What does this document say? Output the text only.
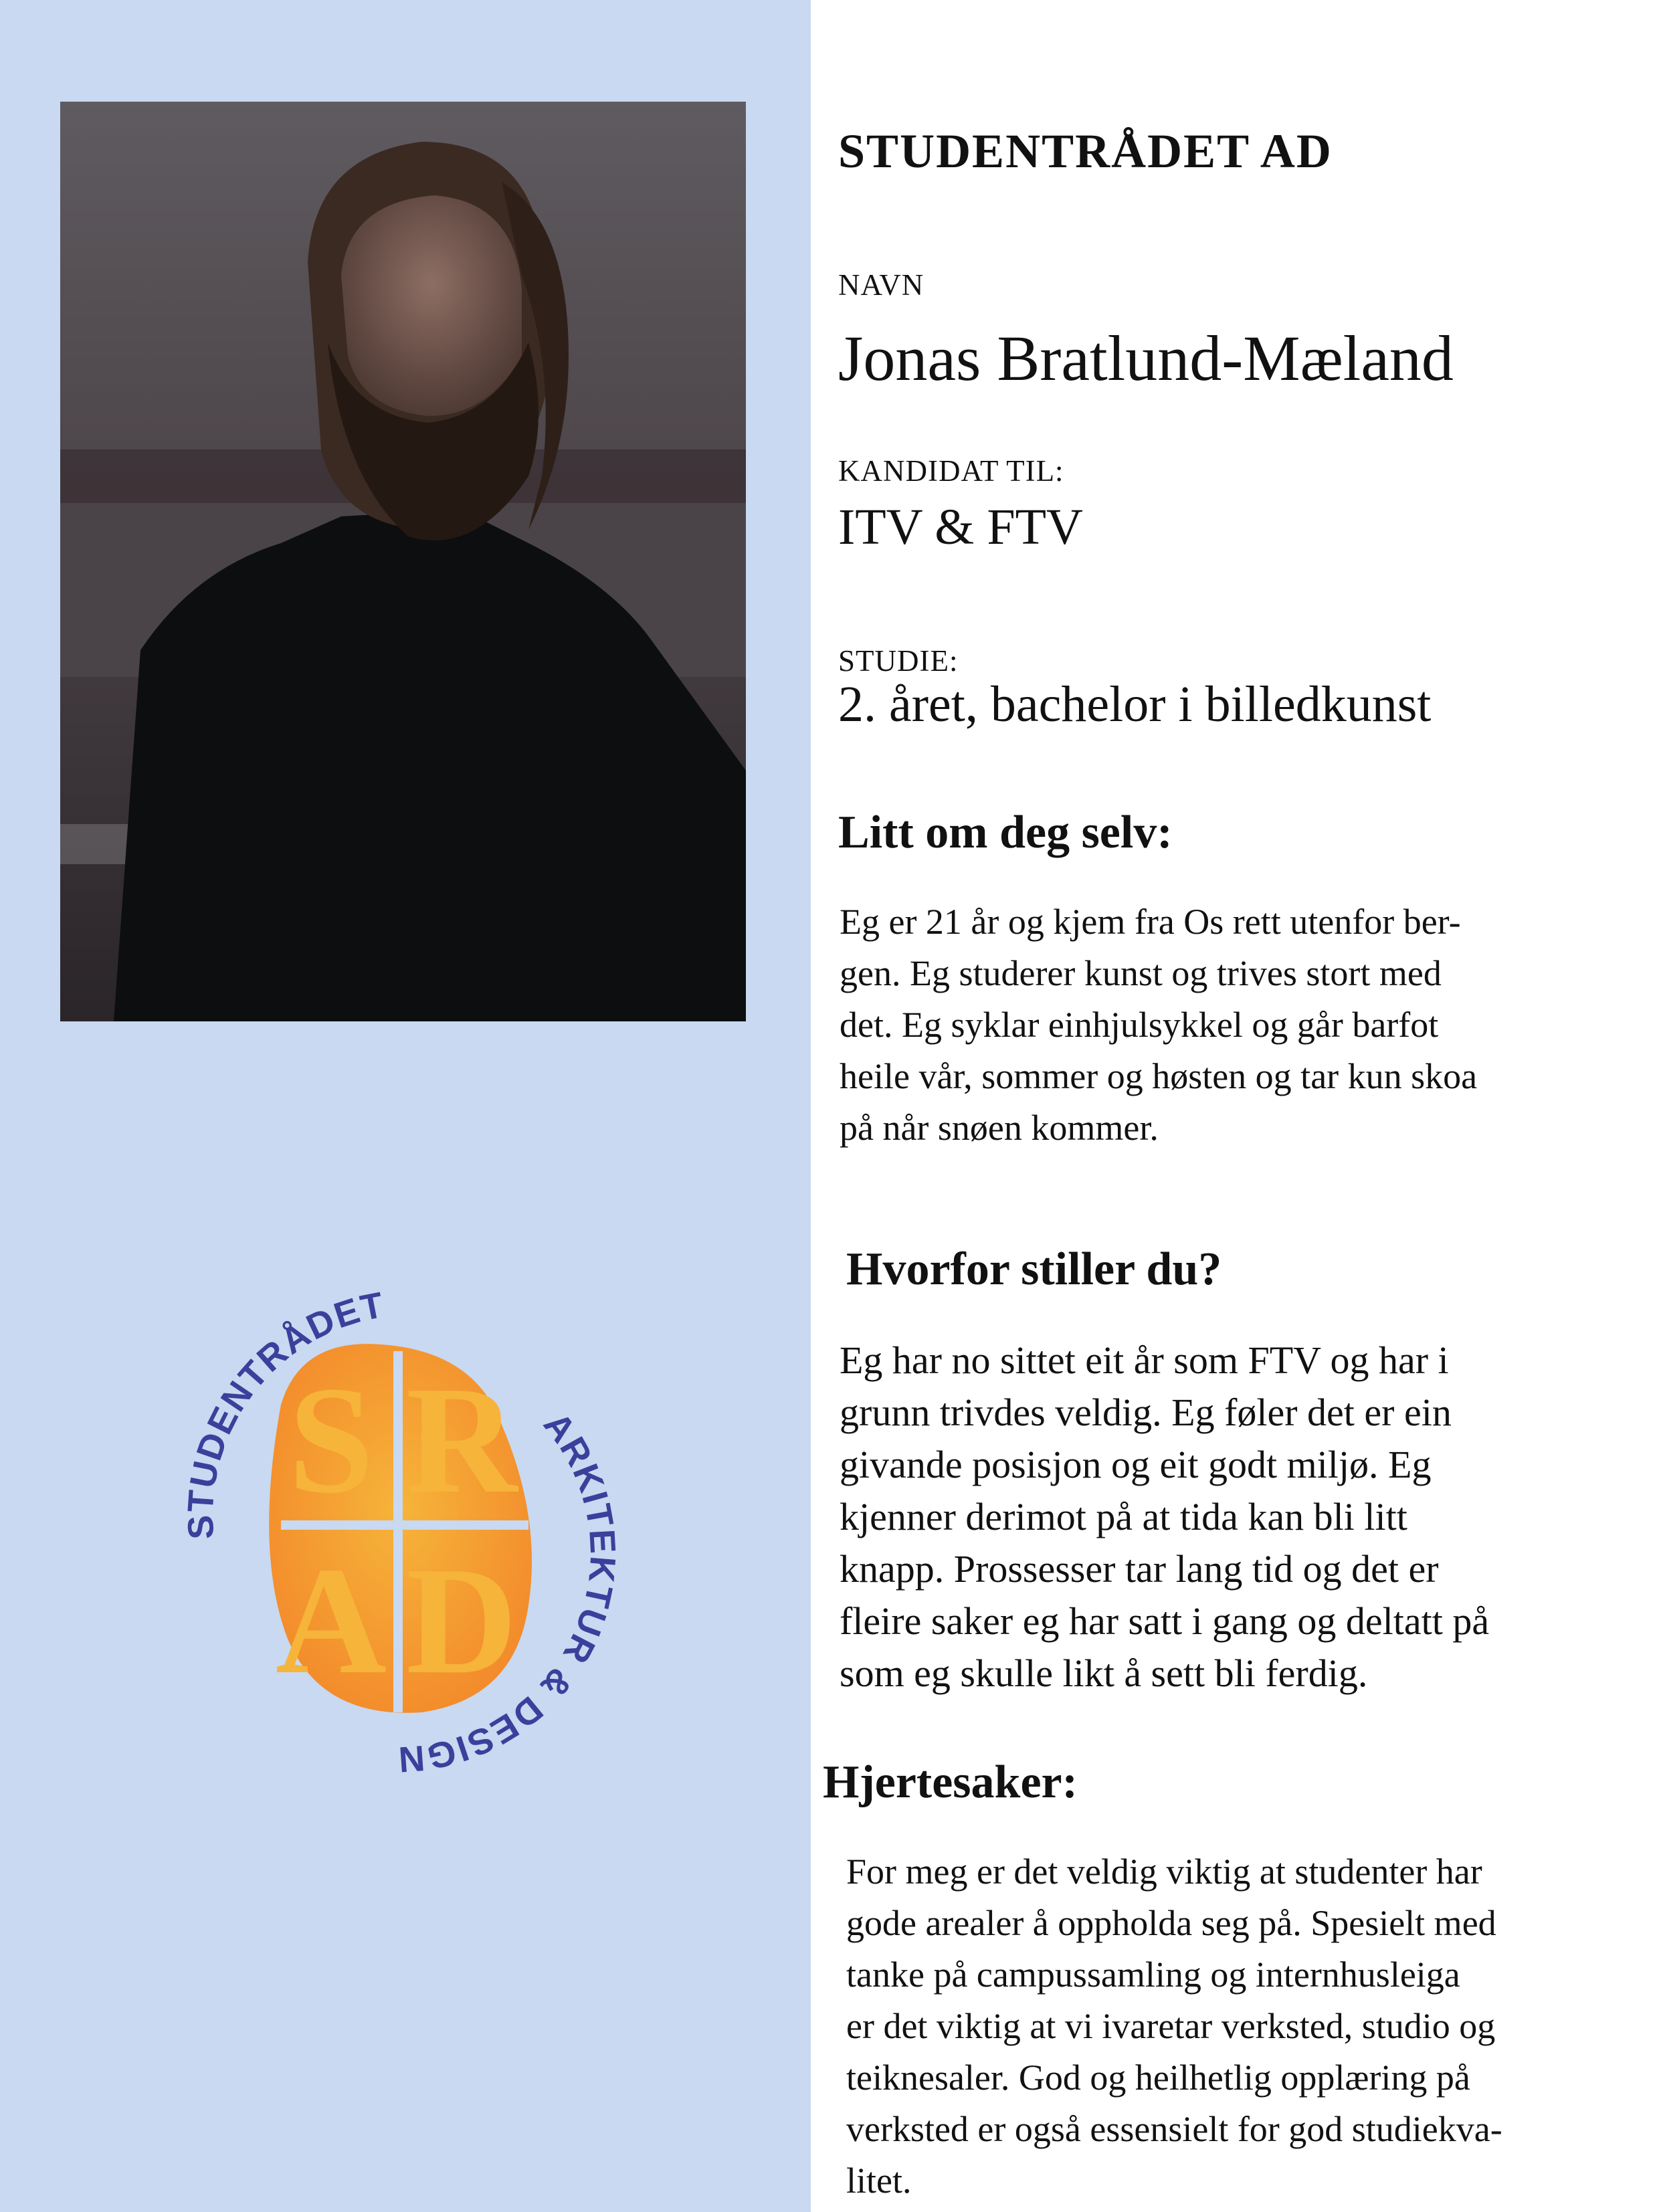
STUDENTRÅDET
ARKITEKTUR & DESIGN
S R
A D
STUDENTRÅDET AD

NAVN

Jonas Bratlund-Mæland

KANDIDAT TIL:

ITV & FTV

STUDIE:

2. året, bachelor i billedkunst

Litt om deg selv:

Eg er 21 år og kjem fra Os rett utenfor ber-
gen. Eg studerer kunst og trives stort med
det. Eg syklar einhjulsykkel og går barfot
heile vår, sommer og høsten og tar kun skoa
på når snøen kommer.

Hvorfor stiller du?

Eg har no sittet eit år som FTV og har i
grunn trivdes veldig. Eg føler det er ein
givande posisjon og eit godt miljø. Eg
kjenner derimot på at tida kan bli litt
knapp. Prossesser tar lang tid og det er
fleire saker eg har satt i gang og deltatt på
som eg skulle likt å sett bli ferdig.

Hjertesaker:

For meg er det veldig viktig at studenter har
gode arealer å oppholda seg på. Spesielt med
tanke på campussamling og internhusleiga
er det viktig at vi ivaretar verksted, studio og
teiknesaler. God og heilhetlig opplæring på
verksted er også essensielt for god studiekva-
litet.
